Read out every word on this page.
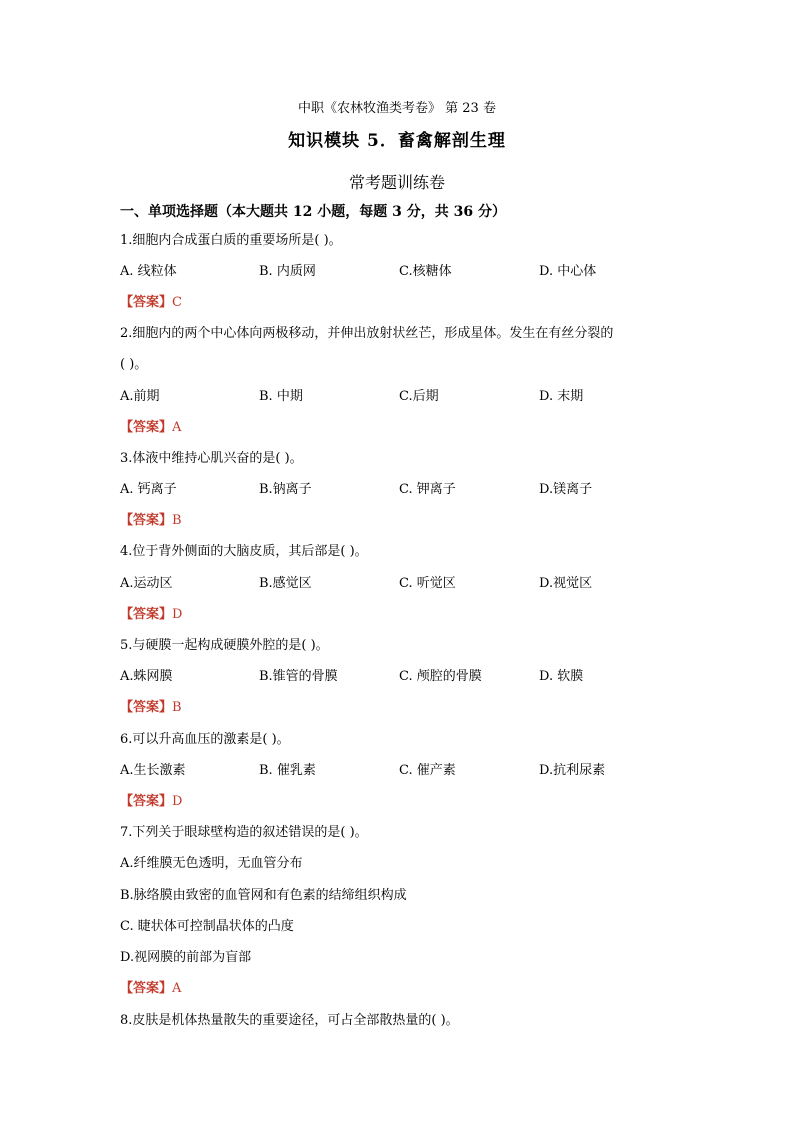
中职《农林牧渔类考卷》 第 23 卷
知识模块 5．畜禽解剖生理
常考题训练卷
一、单项选择题（本大题共 12 小题，每题 3 分，共 36 分）
1.细胞内合成蛋白质的重要场所是( )。
A. 线粒体	B. 内质网	C.核糖体	D. 中心体
【答案】C
2.细胞内的两个中心体向两极移动，并伸出放射状丝芒，形成星体。发生在有丝分裂的
( )。
A.前期	B. 中期	C.后期	D. 末期
【答案】A
3.体液中维持心肌兴奋的是( )。
A. 钙离子	B.钠离子	C. 钾离子	D.镁离子
【答案】B
4.位于背外侧面的大脑皮质，其后部是( )。
A.运动区	B.感觉区	C. 听觉区	D.视觉区
【答案】D
5.与硬膜一起构成硬膜外腔的是( )。
A.蛛网膜	B.锥管的骨膜	C. 颅腔的骨膜	D. 软膜
【答案】B
6.可以升高血压的激素是( )。
A.生长激素	B. 催乳素	C. 催产素	D.抗利尿素
【答案】D
7.下列关于眼球壁构造的叙述错误的是( )。
A.纤维膜无色透明，无血管分布
B.脉络膜由致密的血管网和有色素的结缔组织构成
C. 睫状体可控制晶状体的凸度
D.视网膜的前部为盲部
【答案】A
8.皮肤是机体热量散失的重要途径，可占全部散热量的( )。
